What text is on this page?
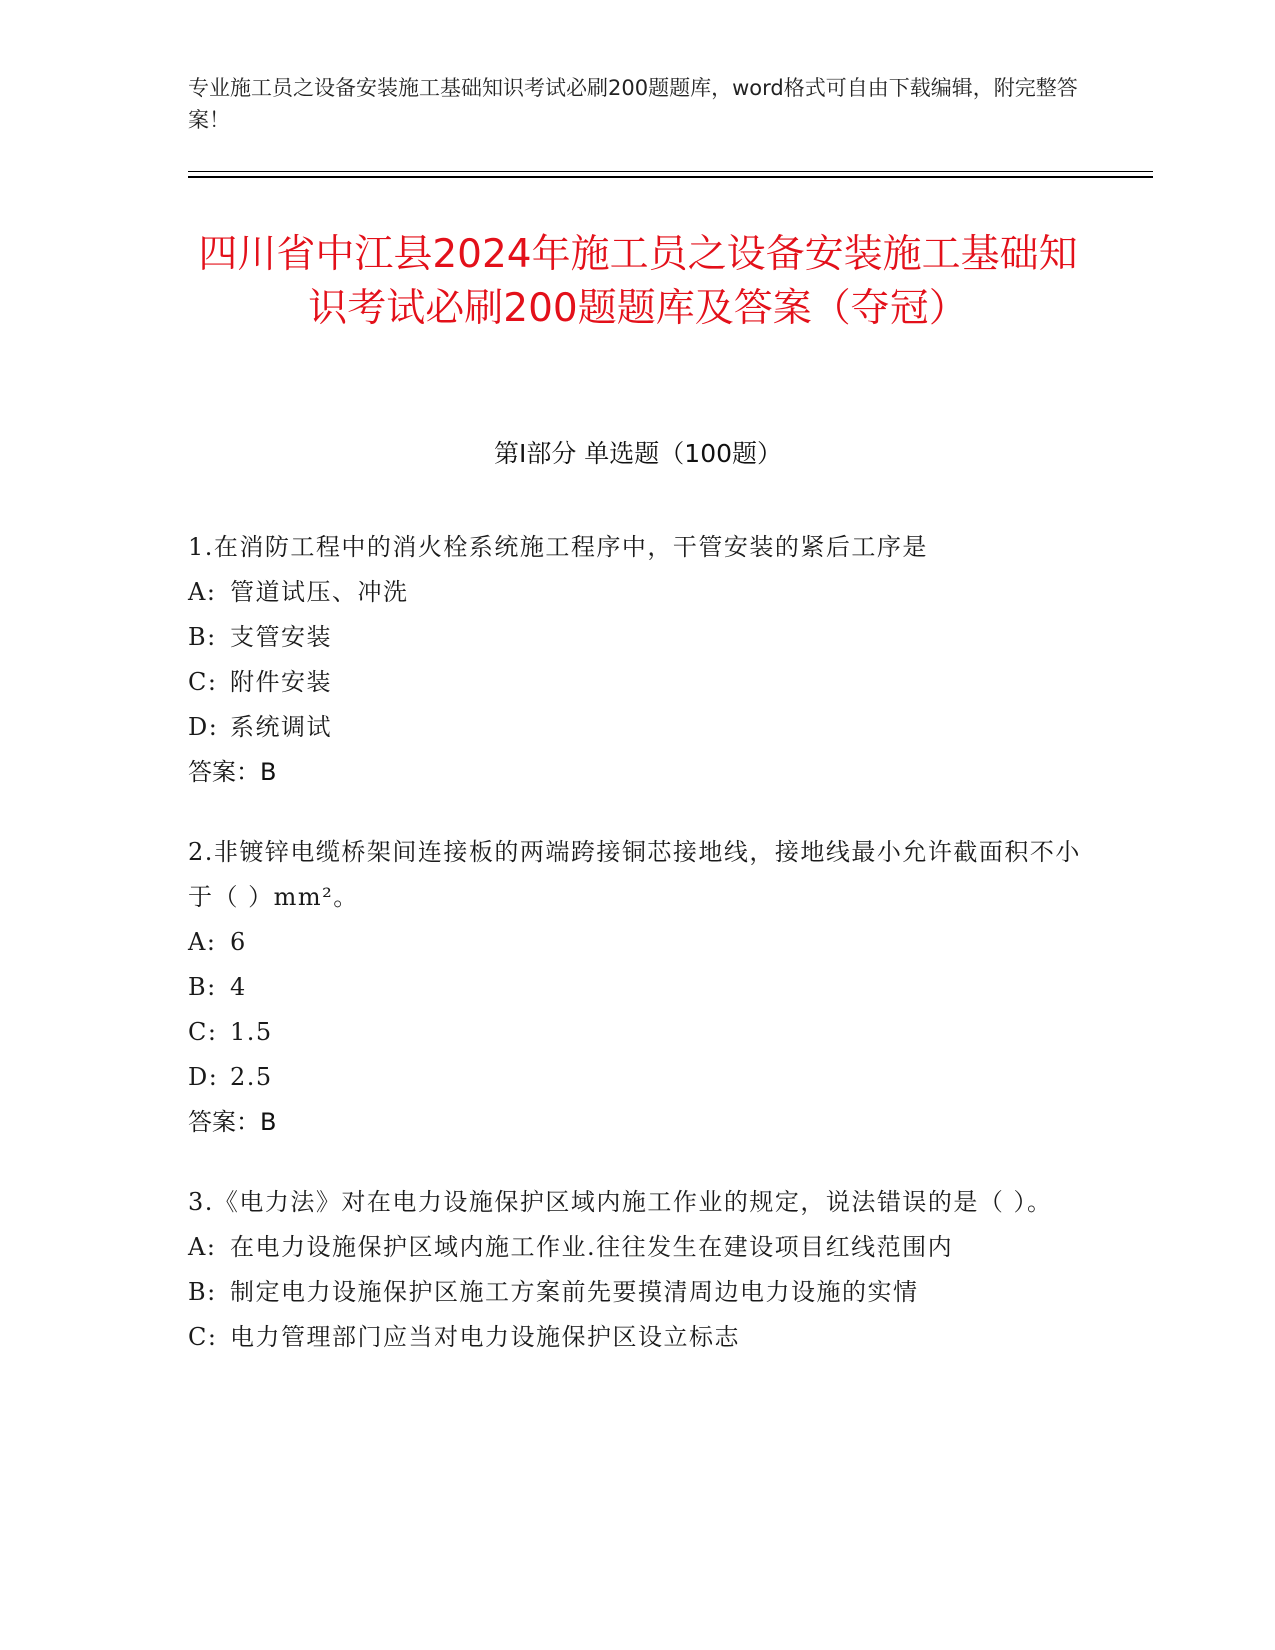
专业施工员之设备安装施工基础知识考试必刷200题题库，word格式可自由下载编辑，附完整答案！
四川省中江县2024年施工员之设备安装施工基础知识考试必刷200题题库及答案（夺冠）
第I部分 单选题（100题）
1.在消防工程中的消火栓系统施工程序中，干管安装的紧后工序是
A: 管道试压、冲洗
B: 支管安装
C: 附件安装
D: 系统调试
答案：B
2.非镀锌电缆桥架间连接板的两端跨接铜芯接地线，接地线最小允许截面积不小于（ ）mm²。
A: 6
B: 4
C: 1.5
D: 2.5
答案：B
3.《电力法》对在电力设施保护区域内施工作业的规定，说法错误的是（ ）。
A: 在电力设施保护区域内施工作业.往往发生在建设项目红线范围内
B: 制定电力设施保护区施工方案前先要摸清周边电力设施的实情
C: 电力管理部门应当对电力设施保护区设立标志
